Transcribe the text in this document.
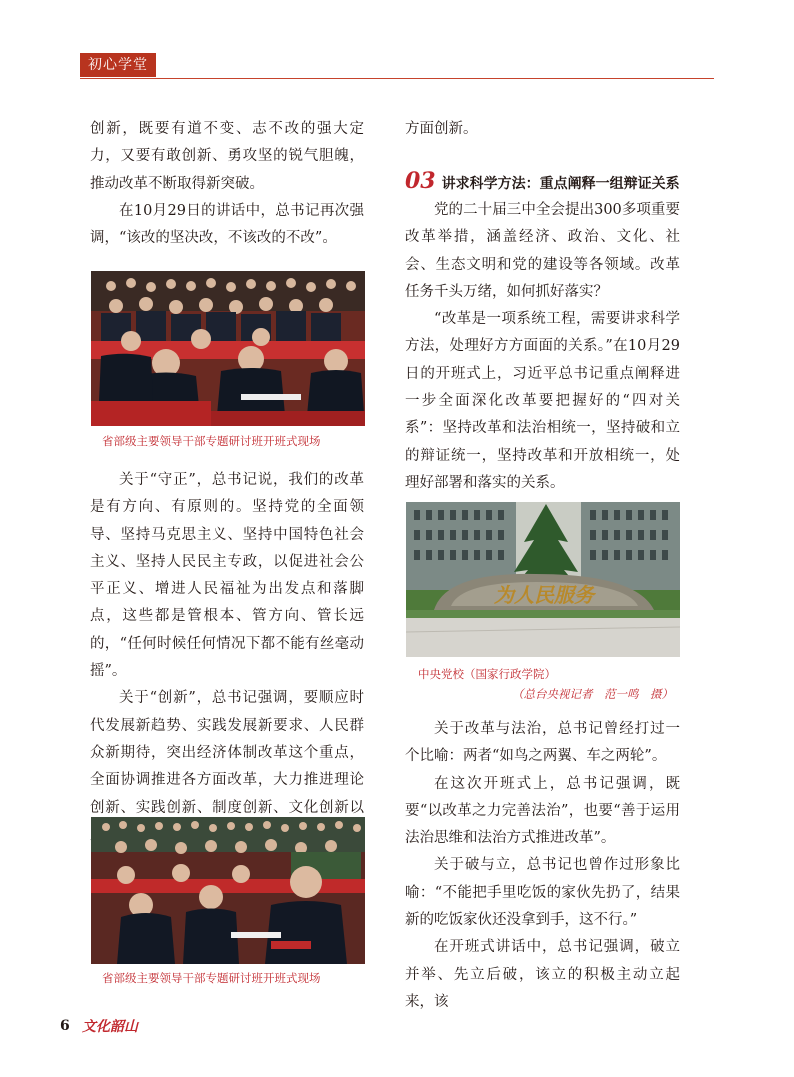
初心学堂

创新，既要有道不变、志不改的强大定力，又要有敢创新、勇攻坚的锐气胆魄，推动改革不断取得新突破。

在10月29日的讲话中，总书记再次强调，“该改的坚决改，不该改的不改”。

省部级主要领导干部专题研讨班开班式现场

关于“守正”，总书记说，我们的改革是有方向、有原则的。坚持党的全面领导、坚持马克思主义、坚持中国特色社会主义、坚持人民民主专政，以促进社会公平正义、增进人民福祉为出发点和落脚点，这些都是管根本、管方向、管长远的，“任何时候任何情况下都不能有丝毫动摇”。

关于“创新”，总书记强调，要顺应时代发展新趋势、实践发展新要求、人民群众新期待，突出经济体制改革这个重点，全面协调推进各方面改革，大力推进理论创新、实践创新、制度创新、文化创新以

省部级主要领导干部专题研讨班开班式现场

方面创新。

03 讲求科学方法：重点阐释一组辩证关系

党的二十届三中全会提出300多项重要改革举措，涵盖经济、政治、文化、社会、生态文明和党的建设等各领域。改革任务千头万绪，如何抓好落实？

“改革是一项系统工程，需要讲求科学方法，处理好方方面面的关系。”在10月29日的开班式上，习近平总书记重点阐释进一步全面深化改革要把握好的“四对关系”：坚持改革和法治相统一，坚持破和立的辩证统一，坚持改革和开放相统一，处理好部署和落实的关系。

为人民服务
中央党校（国家行政学院）
（总台央视记者　范一鸣　摄）

关于改革与法治，总书记曾经打过一个比喻：两者“如鸟之两翼、车之两轮”。

在这次开班式上，总书记强调，既要“以改革之力完善法治”，也要“善于运用法治思维和法治方式推进改革”。

关于破与立，总书记也曾作过形象比喻：“不能把手里吃饭的家伙先扔了，结果新的吃饭家伙还没拿到手，这不行。”

在开班式讲话中，总书记强调，破立并举、先立后破，该立的积极主动立起来，该

6 文化韶山
